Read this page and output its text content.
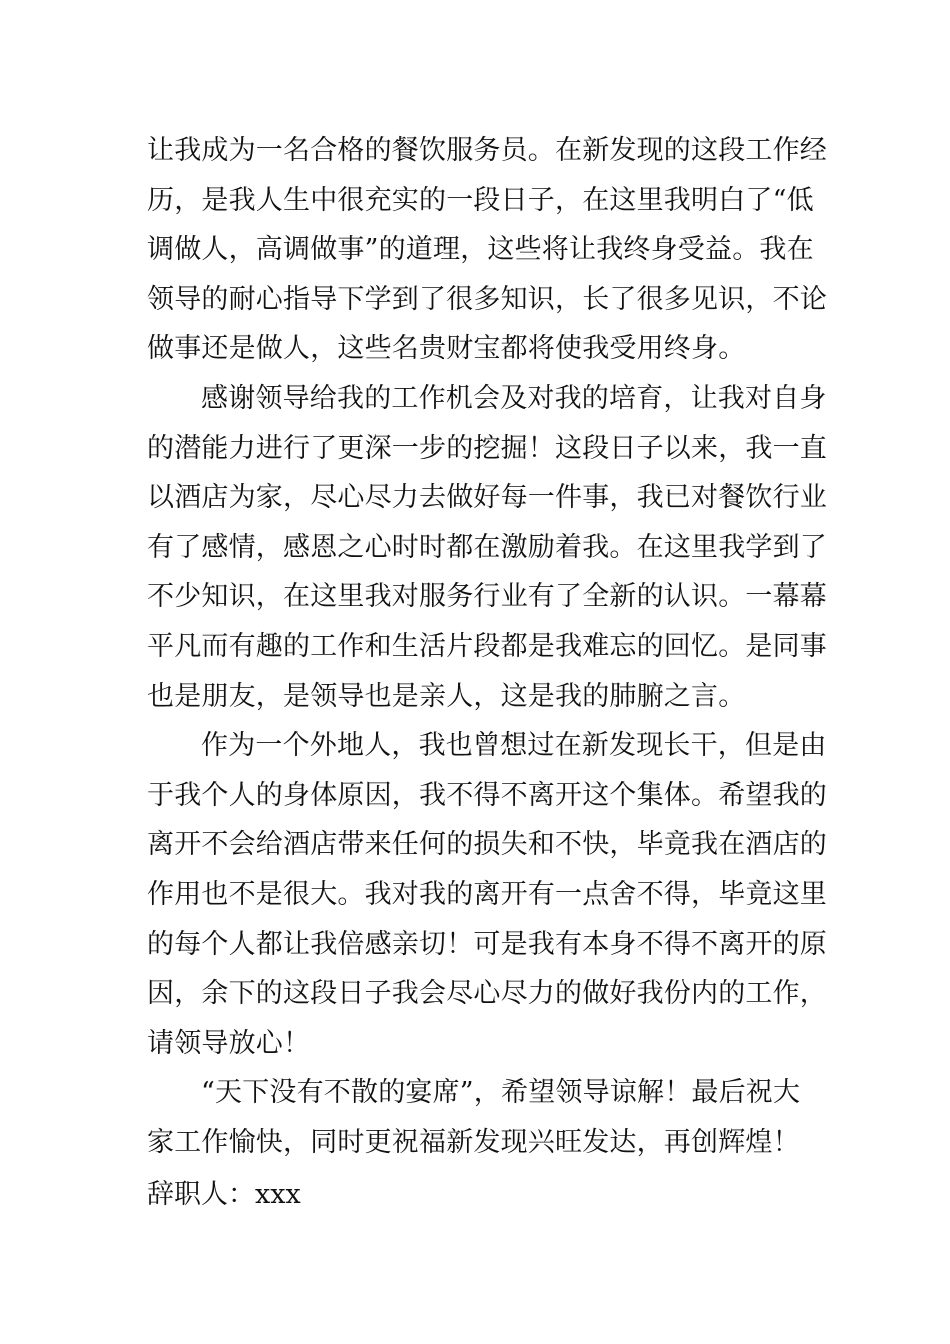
让我成为一名合格的餐饮服务员。在新发现的这段工作经
历，是我人生中很充实的一段日子，在这里我明白了“低
调做人，高调做事”的道理，这些将让我终身受益。我在
领导的耐心指导下学到了很多知识，长了很多见识，不论
做事还是做人，这些名贵财宝都将使我受用终身。
感谢领导给我的工作机会及对我的培育，让我对自身
的潜能力进行了更深一步的挖掘！这段日子以来，我一直
以酒店为家，尽心尽力去做好每一件事，我已对餐饮行业
有了感情，感恩之心时时都在激励着我。在这里我学到了
不少知识，在这里我对服务行业有了全新的认识。一幕幕
平凡而有趣的工作和生活片段都是我难忘的回忆。是同事
也是朋友，是领导也是亲人，这是我的肺腑之言。
作为一个外地人，我也曾想过在新发现长干，但是由
于我个人的身体原因，我不得不离开这个集体。希望我的
离开不会给酒店带来任何的损失和不快，毕竟我在酒店的
作用也不是很大。我对我的离开有一点舍不得，毕竟这里
的每个人都让我倍感亲切！可是我有本身不得不离开的原
因，余下的这段日子我会尽心尽力的做好我份内的工作，
请领导放心！
“天下没有不散的宴席”，希望领导谅解！最后祝大
家工作愉快，同时更祝福新发现兴旺发达，再创辉煌！
辞职人：xxx
